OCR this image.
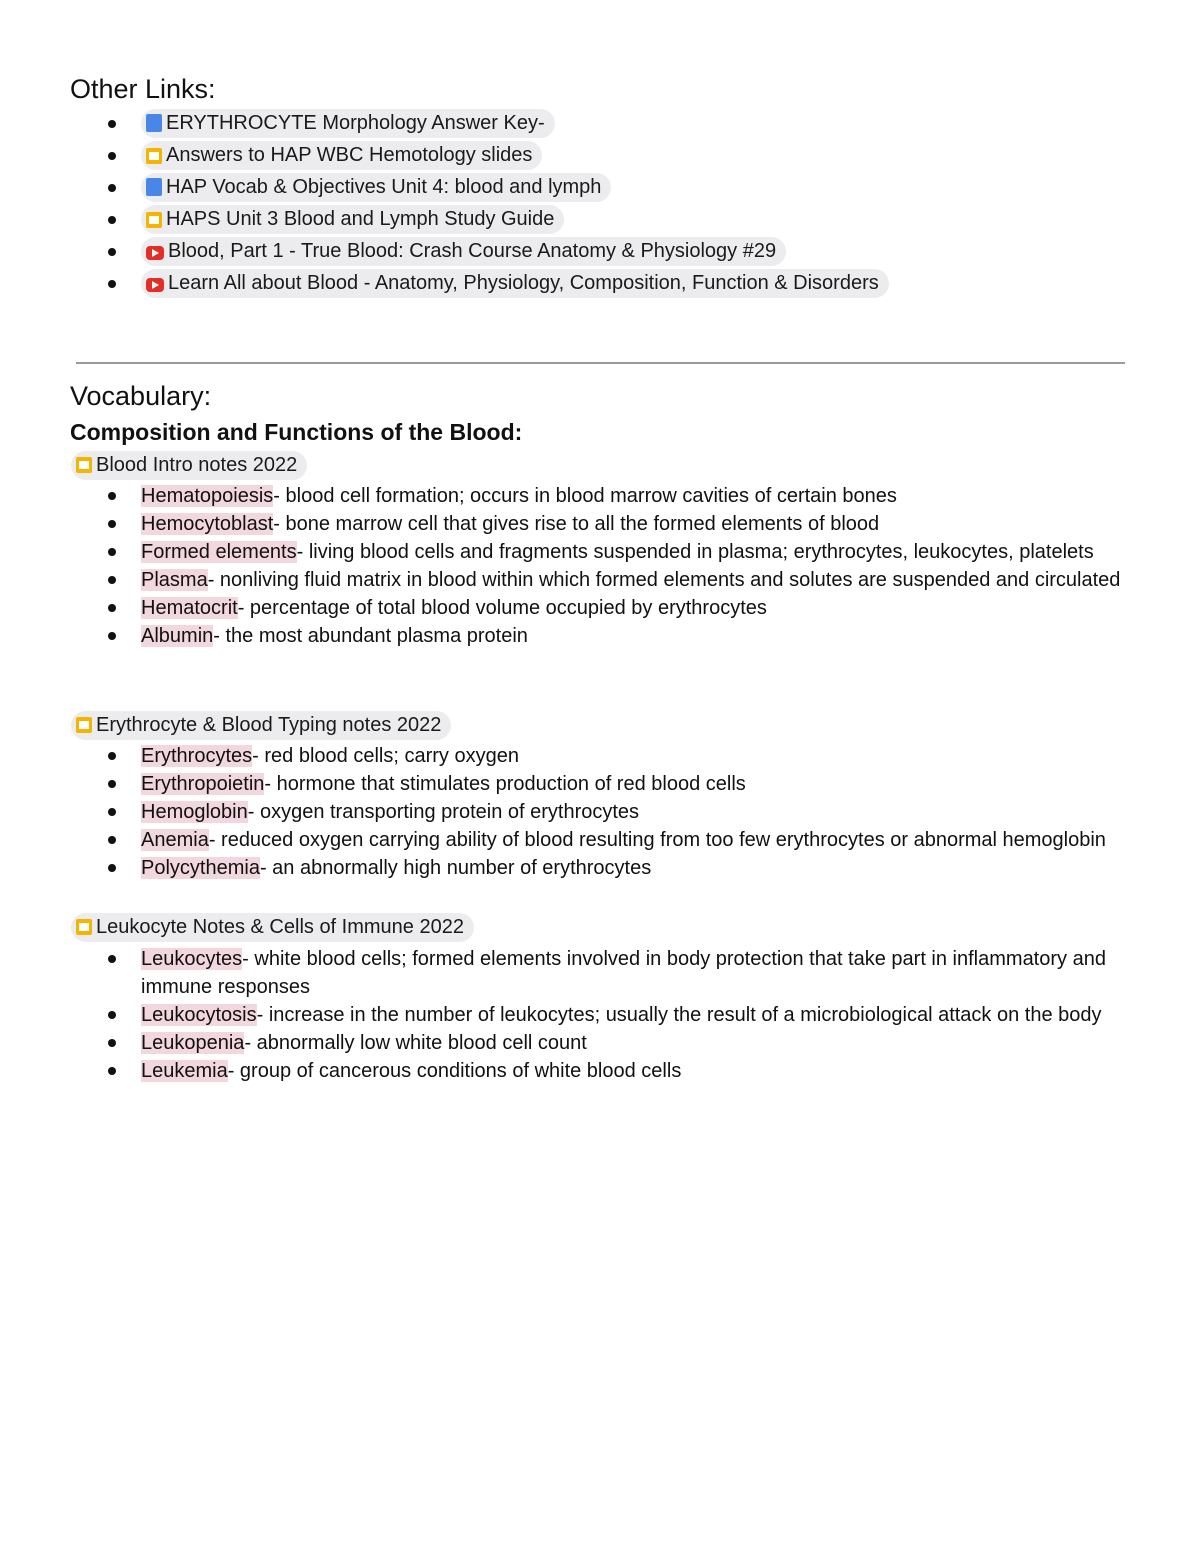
Other Links:
ERYTHROCYTE Morphology Answer Key-
Answers to HAP WBC Hemotology slides
HAP Vocab & Objectives Unit 4: blood and lymph
HAPS Unit 3 Blood and Lymph Study Guide
Blood, Part 1 - True Blood: Crash Course Anatomy & Physiology #29
Learn All about Blood - Anatomy, Physiology, Composition, Function & Disorders
Vocabulary:
Composition and Functions of the Blood:
Blood Intro notes 2022
Hematopoiesis- blood cell formation; occurs in blood marrow cavities of certain bones
Hemocytoblast- bone marrow cell that gives rise to all the formed elements of blood
Formed elements- living blood cells and fragments suspended in plasma; erythrocytes, leukocytes, platelets
Plasma- nonliving fluid matrix in blood within which formed elements and solutes are suspended and circulated
Hematocrit- percentage of total blood volume occupied by erythrocytes
Albumin- the most abundant plasma protein
Erythrocyte & Blood Typing notes 2022
Erythrocytes- red blood cells; carry oxygen
Erythropoietin- hormone that stimulates production of red blood cells
Hemoglobin- oxygen transporting protein of erythrocytes
Anemia- reduced oxygen carrying ability of blood resulting from too few erythrocytes or abnormal hemoglobin
Polycythemia- an abnormally high number of erythrocytes
Leukocyte Notes & Cells of Immune 2022
Leukocytes- white blood cells; formed elements involved in body protection that take part in inflammatory and immune responses
Leukocytosis- increase in the number of leukocytes; usually the result of a microbiological attack on the body
Leukopenia- abnormally low white blood cell count
Leukemia- group of cancerous conditions of white blood cells
